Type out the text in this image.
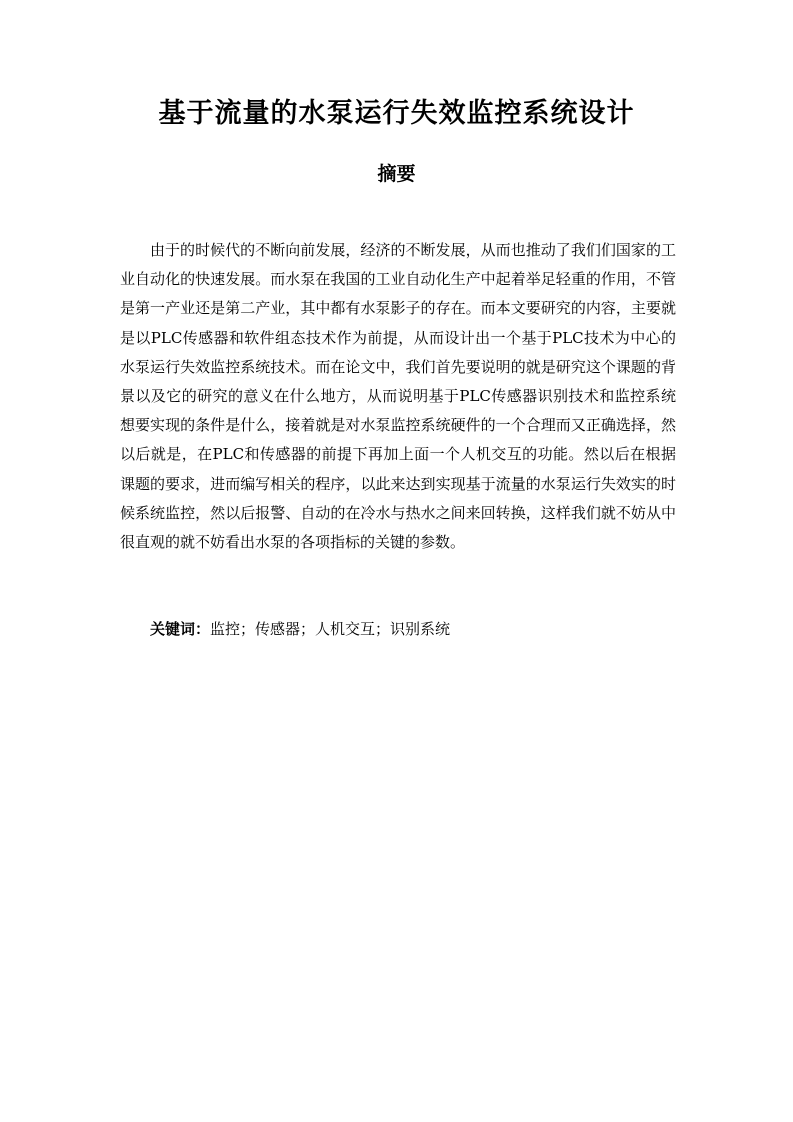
基于流量的水泵运行失效监控系统设计
摘要

由于的时候代的不断向前发展，经济的不断发展，从而也推动了我们们国家的工业自动化的快速发展。而水泵在我国的工业自动化生产中起着举足轻重的作用，不管是第一产业还是第二产业，其中都有水泵影子的存在。而本文要研究的内容，主要就是以PLC传感器和软件组态技术作为前提，从而设计出一个基于PLC技术为中心的水泵运行失效监控系统技术。而在论文中，我们首先要说明的就是研究这个课题的背景以及它的研究的意义在什么地方，从而说明基于PLC传感器识别技术和监控系统想要实现的条件是什么，接着就是对水泵监控系统硬件的一个合理而又正确选择，然以后就是，在PLC和传感器的前提下再加上面一个人机交互的功能。然以后在根据课题的要求，进而编写相关的程序，以此来达到实现基于流量的水泵运行失效实的时候系统监控，然以后报警、自动的在冷水与热水之间来回转换，这样我们就不妨从中很直观的就不妨看出水泵的各项指标的关键的参数。

关键词：监控；传感器；人机交互；识别系统
